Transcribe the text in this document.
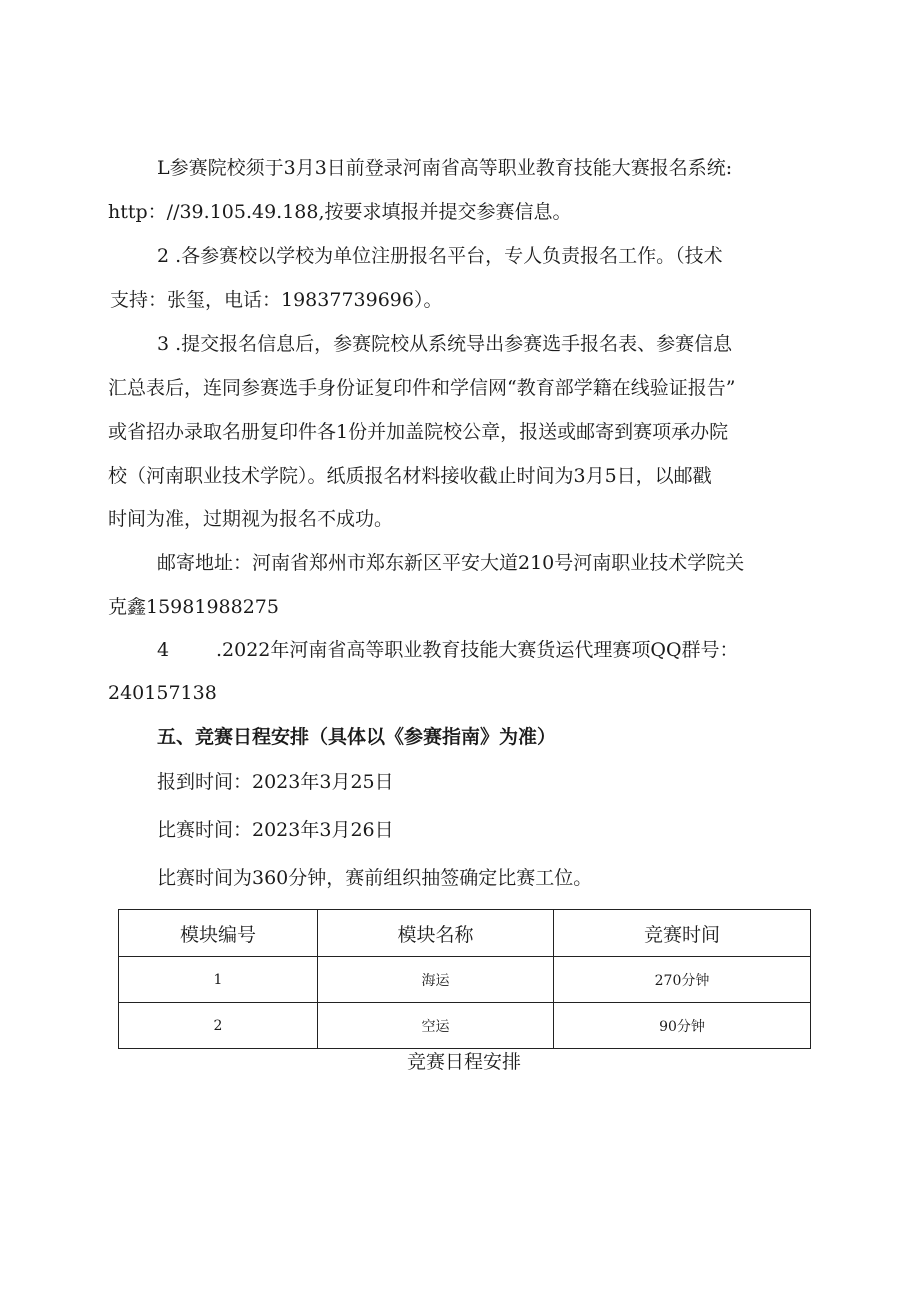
L参赛院校须于3月3日前登录河南省高等职业教育技能大赛报名系统:
http：//39.105.49.188,按要求填报并提交参赛信息。
2 .各参赛校以学校为单位注册报名平台，专人负责报名工作。（技术
支持：张玺，电话：19837739696）。
3 .提交报名信息后，参赛院校从系统导出参赛选手报名表、参赛信息
汇总表后，连同参赛选手身份证复印件和学信网“教育部学籍在线验证报告”
或省招办录取名册复印件各1份并加盖院校公章，报送或邮寄到赛项承办院
校（河南职业技术学院）。纸质报名材料接收截止时间为3月5日，以邮戳
时间为准，过期视为报名不成功。
邮寄地址：河南省郑州市郑东新区平安大道210号河南职业技术学院关
克鑫15981988275
4 .2022年河南省高等职业教育技能大赛货运代理赛项QQ群号：
240157138
五、竞赛日程安排（具体以《参赛指南》为准）
报到时间：2023年3月25日
比赛时间：2023年3月26日
比赛时间为360分钟，赛前组织抽签确定比赛工位。
模块编号	模块名称	竞赛时间
1	海运	270分钟
2	空运	90分钟
竞赛日程安排
